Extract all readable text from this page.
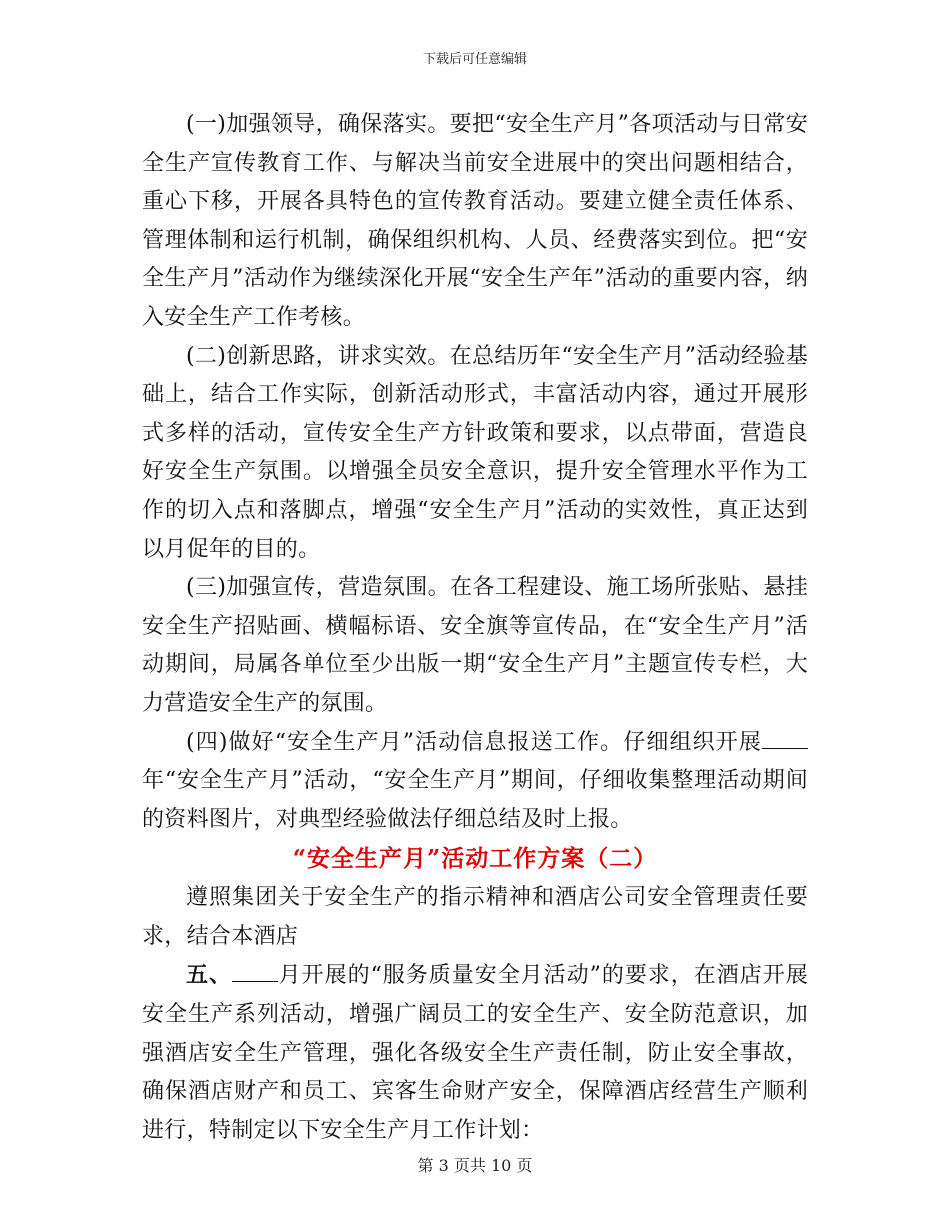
下载后可任意编辑

(一)加强领导，确保落实。要把“安全生产月”各项活动与日常安全生产宣传教育工作、与解决当前安全进展中的突出问题相结合，重心下移，开展各具特色的宣传教育活动。要建立健全责任体系、管理体制和运行机制，确保组织机构、人员、经费落实到位。把“安全生产月”活动作为继续深化开展“安全生产年”活动的重要内容，纳入安全生产工作考核。

(二)创新思路，讲求实效。在总结历年“安全生产月”活动经验基础上，结合工作实际，创新活动形式，丰富活动内容，通过开展形式多样的活动，宣传安全生产方针政策和要求，以点带面，营造良好安全生产氛围。以增强全员安全意识，提升安全管理水平作为工作的切入点和落脚点，增强“安全生产月”活动的实效性，真正达到以月促年的目的。

(三)加强宣传，营造氛围。在各工程建设、施工场所张贴、悬挂安全生产招贴画、横幅标语、安全旗等宣传品，在“安全生产月”活动期间，局属各单位至少出版一期“安全生产月”主题宣传专栏，大力营造安全生产的氛围。

(四)做好“安全生产月”活动信息报送工作。仔细组织开展年“安全生产月”活动，“安全生产月”期间，仔细收集整理活动期间的资料图片，对典型经验做法仔细总结及时上报。

“安全生产月”活动工作方案（二）

遵照集团关于安全生产的指示精神和酒店公司安全管理责任要求，结合本酒店

五、 月开展的“服务质量安全月活动”的要求，在酒店开展安全生产系列活动，增强广阔员工的安全生产、安全防范意识，加强酒店安全生产管理，强化各级安全生产责任制，防止安全事故，确保酒店财产和员工、宾客生命财产安全，保障酒店经营生产顺利进行，特制定以下安全生产月工作计划：

第 3 页共 10 页
